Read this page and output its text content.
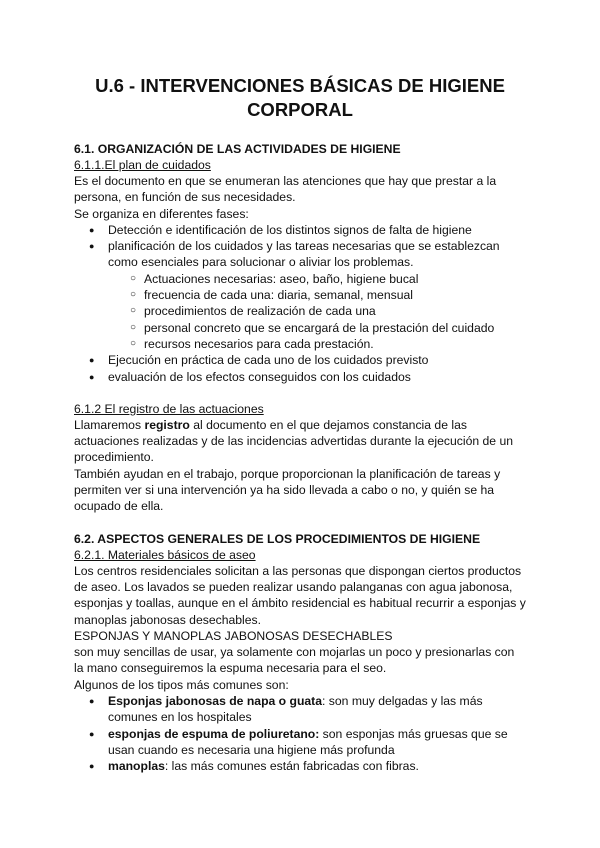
U.6 - INTERVENCIONES BÁSICAS DE HIGIENE CORPORAL
6.1. ORGANIZACIÓN DE LAS ACTIVIDADES DE HIGIENE
6.1.1.El plan de cuidados

Es el documento en que se enumeran las atenciones que hay que prestar a la persona, en función de sus necesidades.

Se organiza en diferentes fases:

● Detección e identificación de los distintos signos de falta de higiene
● planificación de los cuidados y las tareas necesarias que se establezcan como esenciales para solucionar o aliviar los problemas.
○ Actuaciones necesarias: aseo, baño, higiene bucal
○ frecuencia de cada una: diaria, semanal, mensual
○ procedimientos de realización de cada una
○ personal concreto que se encargará de la prestación del cuidado
○ recursos necesarios para cada prestación.
● Ejecución en práctica de cada uno de los cuidados previsto
● evaluación de los efectos conseguidos con los cuidados
6.1.2 El registro de las actuaciones

Llamaremos registro al documento en el que dejamos constancia de las actuaciones realizadas y de las incidencias advertidas durante la ejecución de un procedimiento.

También ayudan en el trabajo, porque proporcionan la planificación de tareas y permiten ver si una intervención ya ha sido llevada a cabo o no, y quién se ha ocupado de ella.

6.2. ASPECTOS GENERALES DE LOS PROCEDIMIENTOS DE HIGIENE
6.2.1. Materiales básicos de aseo

Los centros residenciales solicitan a las personas que dispongan ciertos productos de aseo. Los lavados se pueden realizar usando palanganas con agua jabonosa, esponjas y toallas, aunque en el ámbito residencial es habitual recurrir a esponjas y manoplas jabonosas desechables.

ESPONJAS Y MANOPLAS JABONOSAS DESECHABLES

son muy sencillas de usar, ya solamente con mojarlas un poco y presionarlas con la mano conseguiremos la espuma necesaria para el seo.

Algunos de los tipos más comunes son:

● Esponjas jabonosas de napa o guata: son muy delgadas y las más comunes en los hospitales
● esponjas de espuma de poliuretano: son esponjas más gruesas que se usan cuando es necesaria una higiene más profunda
● manoplas: las más comunes están fabricadas con fibras.
